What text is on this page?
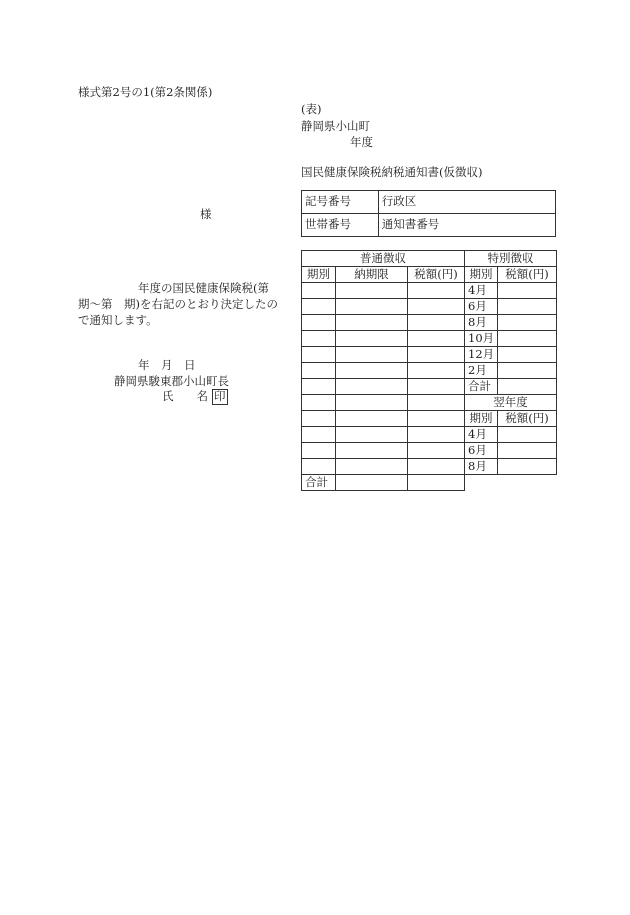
様式第2号の1(第2条関係)
(表)
静岡県小山町
年度
国民健康保険税納税通知書(仮徴収)
様
年度の国民健康保険税(第
期～第　期)を右記のとおり決定したの
で通知します。
年　月　日
静岡県駿東郡小山町長
氏　　名 印
記号番号	行政区
世帯番号	通知書番号
普通徴収			特別徴収	
期別	納期限	税額(円)	期別	税額(円)
			4月	
			6月	
			8月	
			10月	
			12月	
			2月	
			合計	
			翌年度	
			期別	税額(円)
			4月	
			6月	
			8月	
合計				
